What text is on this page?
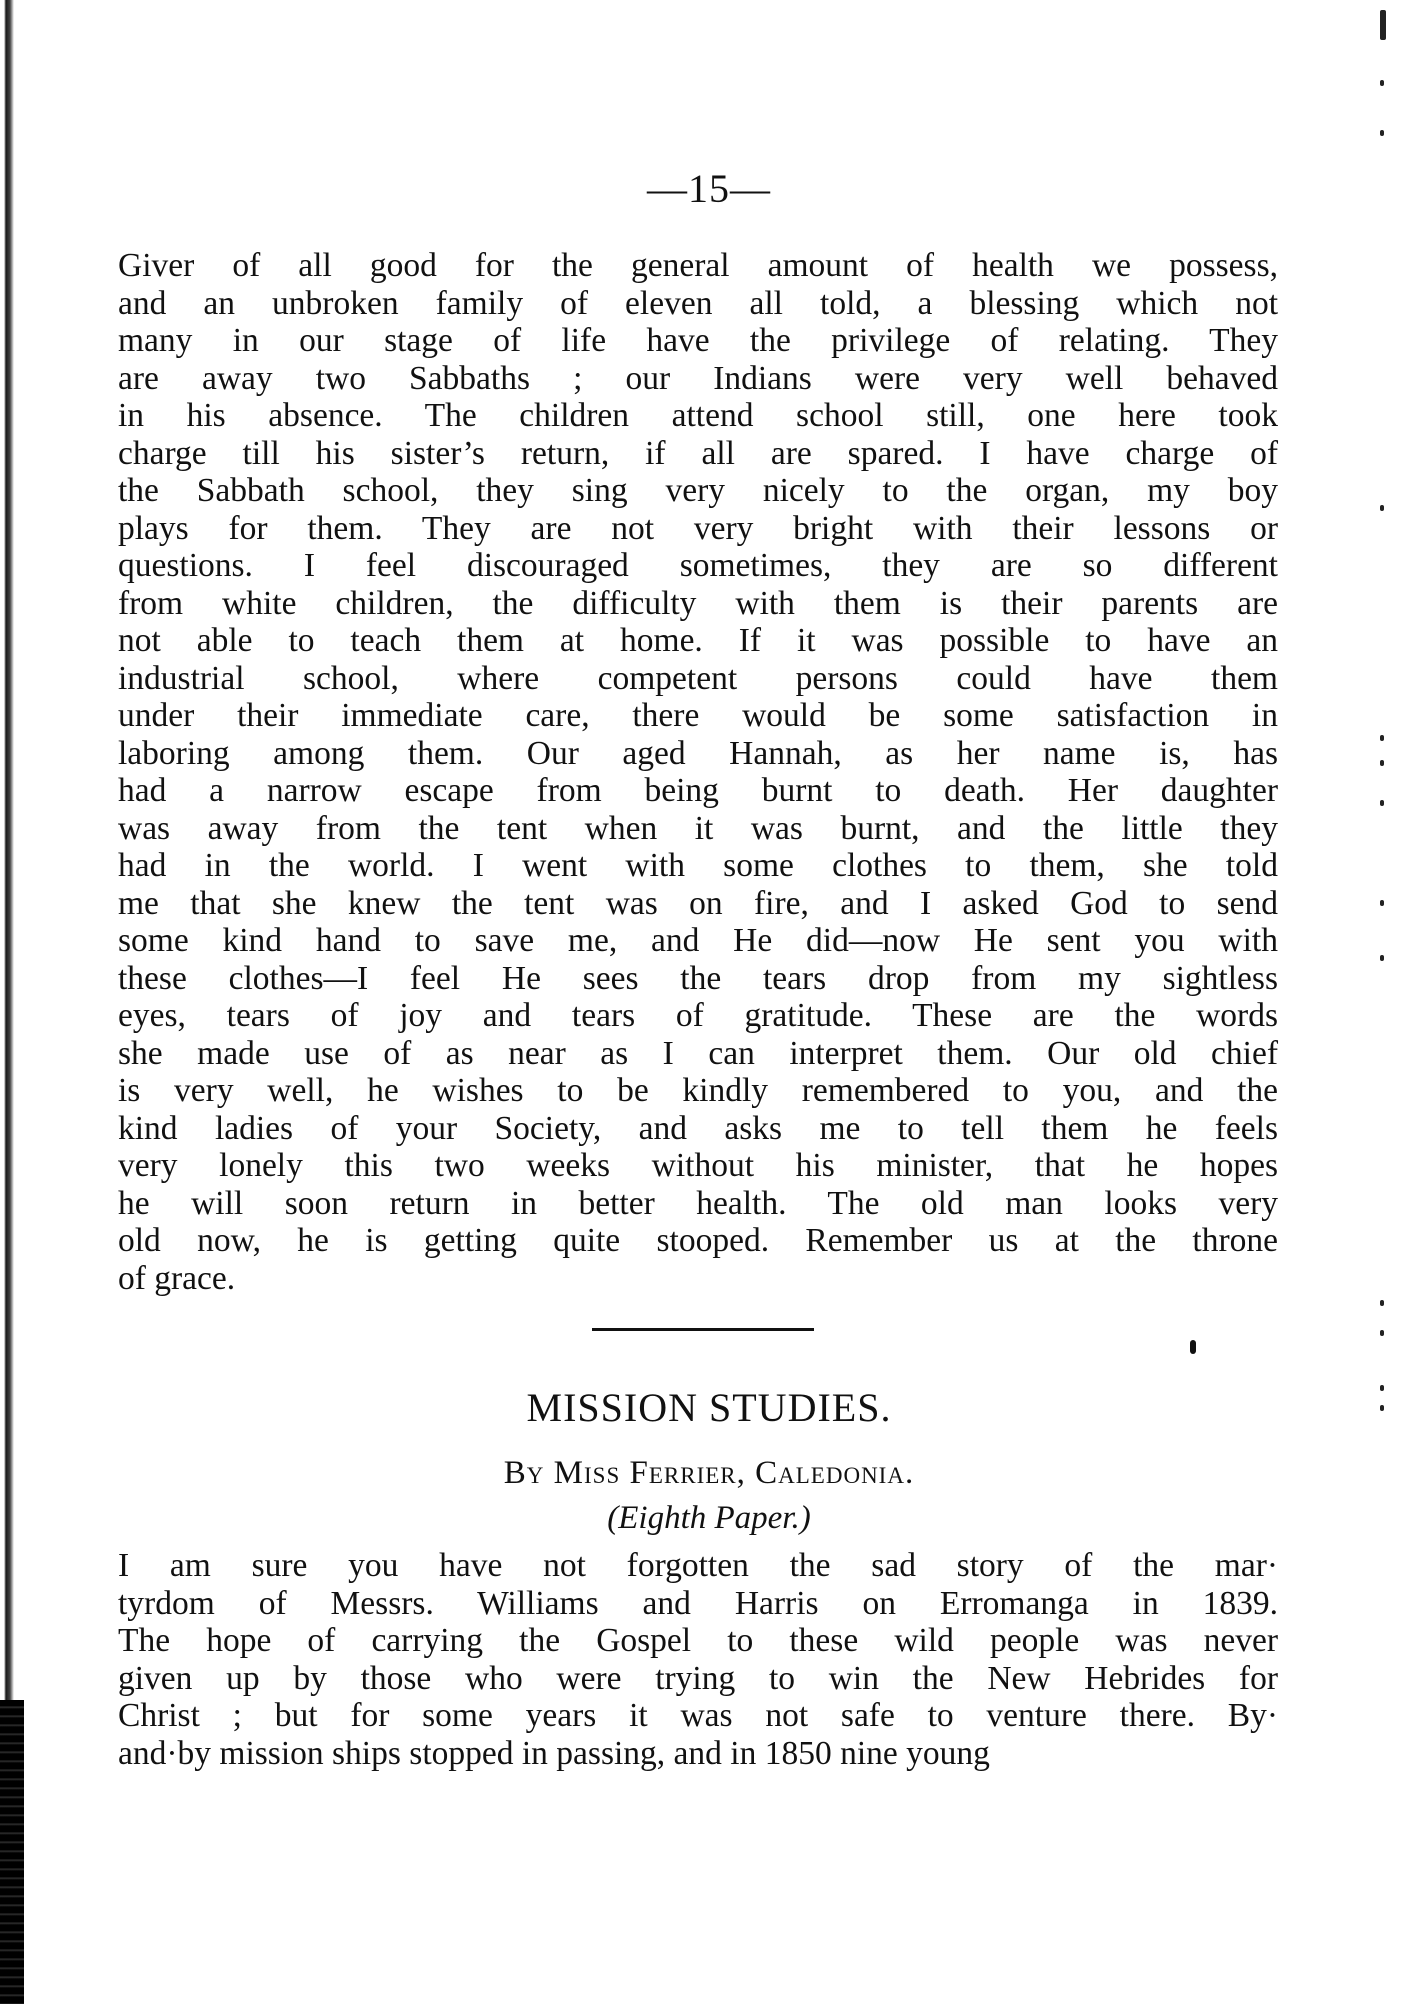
—15—
Giver of all good for the general amount of health we possess,
and an unbroken family of eleven all told, a blessing which not
many in our stage of life have the privilege of relating. They
are away two Sabbaths ; our Indians were very well behaved
in his absence. The children attend school still, one here took
charge till his sister’s return, if all are spared. I have charge of
the Sabbath school, they sing very nicely to the organ, my boy
plays for them. They are not very bright with their lessons or
questions. I feel discouraged sometimes, they are so different
from white children, the difficulty with them is their parents are
not able to teach them at home. If it was possible to have an
industrial school, where competent persons could have them
under their immediate care, there would be some satisfaction in
laboring among them. Our aged Hannah, as her name is, has
had a narrow escape from being burnt to death. Her daughter
was away from the tent when it was burnt, and the little they
had in the world. I went with some clothes to them, she told
me that she knew the tent was on fire, and I asked God to send
some kind hand to save me, and He did—now He sent you with
these clothes—I feel He sees the tears drop from my sightless
eyes, tears of joy and tears of gratitude. These are the words
she made use of as near as I can interpret them. Our old chief
is very well, he wishes to be kindly remembered to you, and the
kind ladies of your Society, and asks me to tell them he feels
very lonely this two weeks without his minister, that he hopes
he will soon return in better health. The old man looks very
old now, he is getting quite stooped. Remember us at the throne
of grace.
MISSION STUDIES.
By Miss Ferrier, Caledonia.
(Eighth Paper.)
I am sure you have not forgotten the sad story of the mar·
tyrdom of Messrs. Williams and Harris on Erromanga in 1839.
The hope of carrying the Gospel to these wild people was never
given up by those who were trying to win the New Hebrides for
Christ ; but for some years it was not safe to venture there. By·
and·by mission ships stopped in passing, and in 1850 nine young
